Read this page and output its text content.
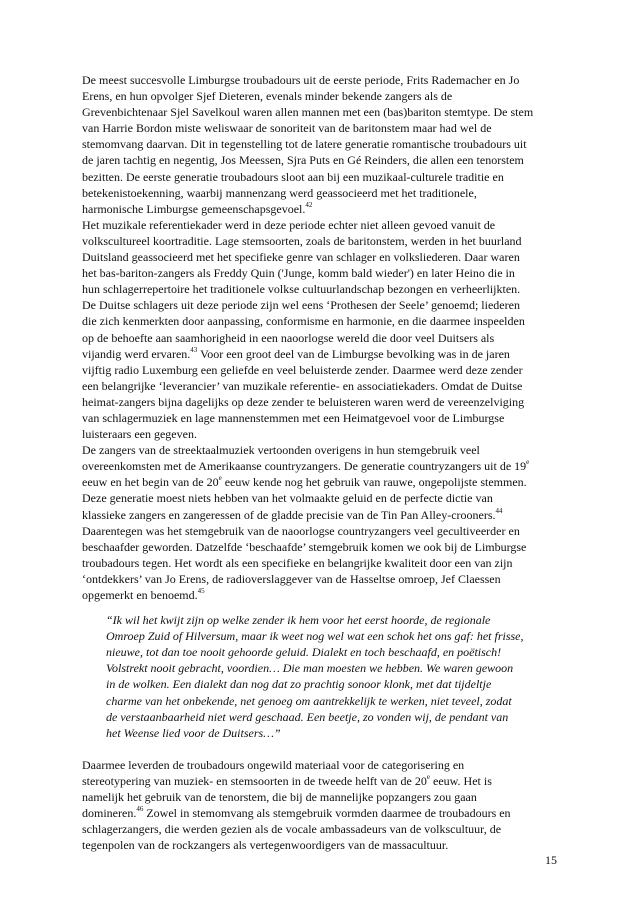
De meest succesvolle Limburgse troubadours uit de eerste periode, Frits Rademacher en Jo
Erens, en hun opvolger Sjef Dieteren, evenals minder bekende zangers als de
Grevenbichtenaar Sjel Savelkoul waren allen mannen met een (bas)bariton stemtype. De stem
van Harrie Bordon miste weliswaar de sonoriteit van de baritonstem maar had wel de
stemomvang daarvan. Dit in tegenstelling tot de latere generatie romantische troubadours uit
de jaren tachtig en negentig, Jos Meessen, Sjra Puts en Gé Reinders, die allen een tenorstem
bezitten. De eerste generatie troubadours sloot aan bij een muzikaal-culturele traditie en
betekenistoekenning, waarbij mannenzang werd geassocieerd met het traditionele,
harmonische Limburgse gemeenschapsgevoel.$^{42}$
Het muzikale referentiekader werd in deze periode echter niet alleen gevoed vanuit de
volkscultureel koortraditie. Lage stemsoorten, zoals de baritonstem, werden in het buurland
Duitsland geassocieerd met het specifieke genre van schlager en volksliederen. Daar waren
het bas-bariton-zangers als Freddy Quin ('Junge, komm bald wieder') en later Heino die in
hun schlagerrepertoire het traditionele volkse cultuurlandschap bezongen en verheerlijkten.
De Duitse schlagers uit deze periode zijn wel eens ‘Prothesen der Seele’ genoemd; liederen
die zich kenmerkten door aanpassing, conformisme en harmonie, en die daarmee inspeelden
op de behoefte aan saamhorigheid in een naoorlogse wereld die door veel Duitsers als
vijandig werd ervaren.$^{43}$ Voor een groot deel van de Limburgse bevolking was in de jaren
vijftig radio Luxemburg een geliefde en veel beluisterde zender. Daarmee werd deze zender
een belangrijke ‘leverancier’ van muzikale referentie- en associatiekaders. Omdat de Duitse
heimat-zangers bijna dagelijks op deze zender te beluisteren waren werd de vereenzelviging
van schlagermuziek en lage mannenstemmen met een Heimatgevoel voor de Limburgse
luisteraars een gegeven.
De zangers van de streektaalmuziek vertoonden overigens in hun stemgebruik veel
overeenkomsten met de Amerikaanse countryzangers. De generatie countryzangers uit de 19e
eeuw en het begin van de 20e eeuw kende nog het gebruik van rauwe, ongepolijste stemmen.
Deze generatie moest niets hebben van het volmaakte geluid en de perfecte dictie van
klassieke zangers en zangeressen of de gladde precisie van de Tin Pan Alley-crooners.$^{44}$
Daarentegen was het stemgebruik van de naoorlogse countryzangers veel gecultiveerder en
beschaafder geworden. Datzelfde ‘beschaafde’ stemgebruik komen we ook bij de Limburgse
troubadours tegen. Het wordt als een specifieke en belangrijke kwaliteit door een van zijn
‘ontdekkers’ van Jo Erens, de radioverslaggever van de Hasseltse omroep, Jef Claessen
opgemerkt en benoemd.$^{45}$
“Ik wil het kwijt zijn op welke zender ik hem voor het eerst hoorde, de regionale
Omroep Zuid of Hilversum, maar ik weet nog wel wat een schok het ons gaf: het frisse,
nieuwe, tot dan toe nooit gehoorde geluid. Dialekt en toch beschaafd, en poëtisch!
Volstrekt nooit gebracht, voordien… Die man moesten we hebben. We waren gewoon
in de wolken. Een dialekt dan nog dat zo prachtig sonoor klonk, met dat tijdeltje
charme van het onbekende, net genoeg om aantrekkelijk te werken, niet teveel, zodat
de verstaanbaarheid niet werd geschaad. Een beetje, zo vonden wij, de pendant van
het Weense lied voor de Duitsers…”
Daarmee leverden de troubadours ongewild materiaal voor de categorisering en
stereotypering van muziek- en stemsoorten in de tweede helft van de 20e eeuw. Het is
namelijk het gebruik van de tenorstem, die bij de mannelijke popzangers zou gaan
domineren.$^{46}$ Zowel in stemomvang als stemgebruik vormden daarmee de troubadours en
schlagerzangers, die werden gezien als de vocale ambassadeurs van de volkscultuur, de
tegenpolen van de rockzangers als vertegenwoordigers van de massacultuur.
15
